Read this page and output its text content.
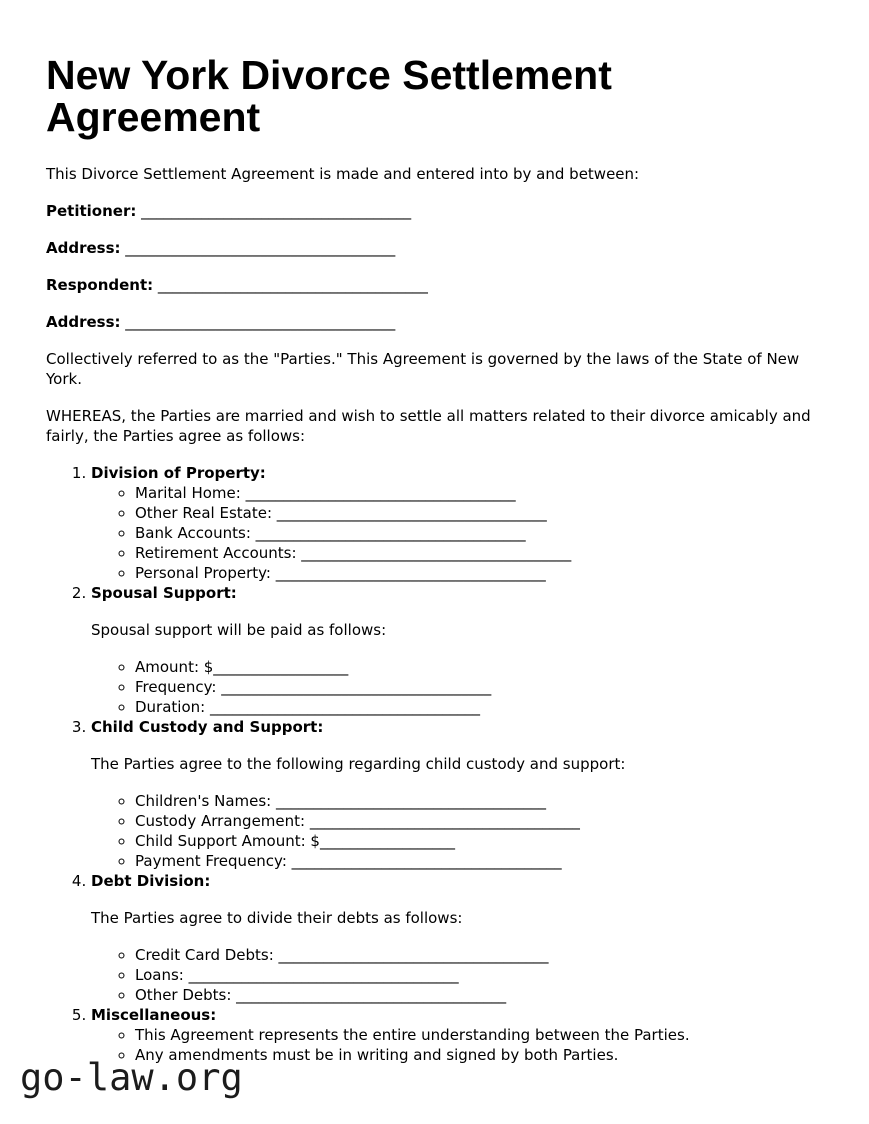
New York Divorce Settlement Agreement

This Divorce Settlement Agreement is made and entered into by and between:

Petitioner: ____________________________________

Address: ____________________________________

Respondent: ____________________________________

Address: ____________________________________

Collectively referred to as the "Parties." This Agreement is governed by the laws of the State of New York.

WHEREAS, the Parties are married and wish to settle all matters related to their divorce amicably and fairly, the Parties agree as follows:

1. Division of Property:
◦ Marital Home: ____________________________________
◦ Other Real Estate: ____________________________________
◦ Bank Accounts: ____________________________________
◦ Retirement Accounts: ____________________________________
◦ Personal Property: ____________________________________
2. Spousal Support:

Spousal support will be paid as follows:

◦ Amount: $__________________
◦ Frequency: ____________________________________
◦ Duration: ____________________________________
3. Child Custody and Support:

The Parties agree to the following regarding child custody and support:

◦ Children's Names: ____________________________________
◦ Custody Arrangement: ____________________________________
◦ Child Support Amount: $__________________
◦ Payment Frequency: ____________________________________
4. Debt Division:

The Parties agree to divide their debts as follows:

◦ Credit Card Debts: ____________________________________
◦ Loans: ____________________________________
◦ Other Debts: ____________________________________
5. Miscellaneous:
◦ This Agreement represents the entire understanding between the Parties.
◦ Any amendments must be in writing and signed by both Parties.
go-law.org
